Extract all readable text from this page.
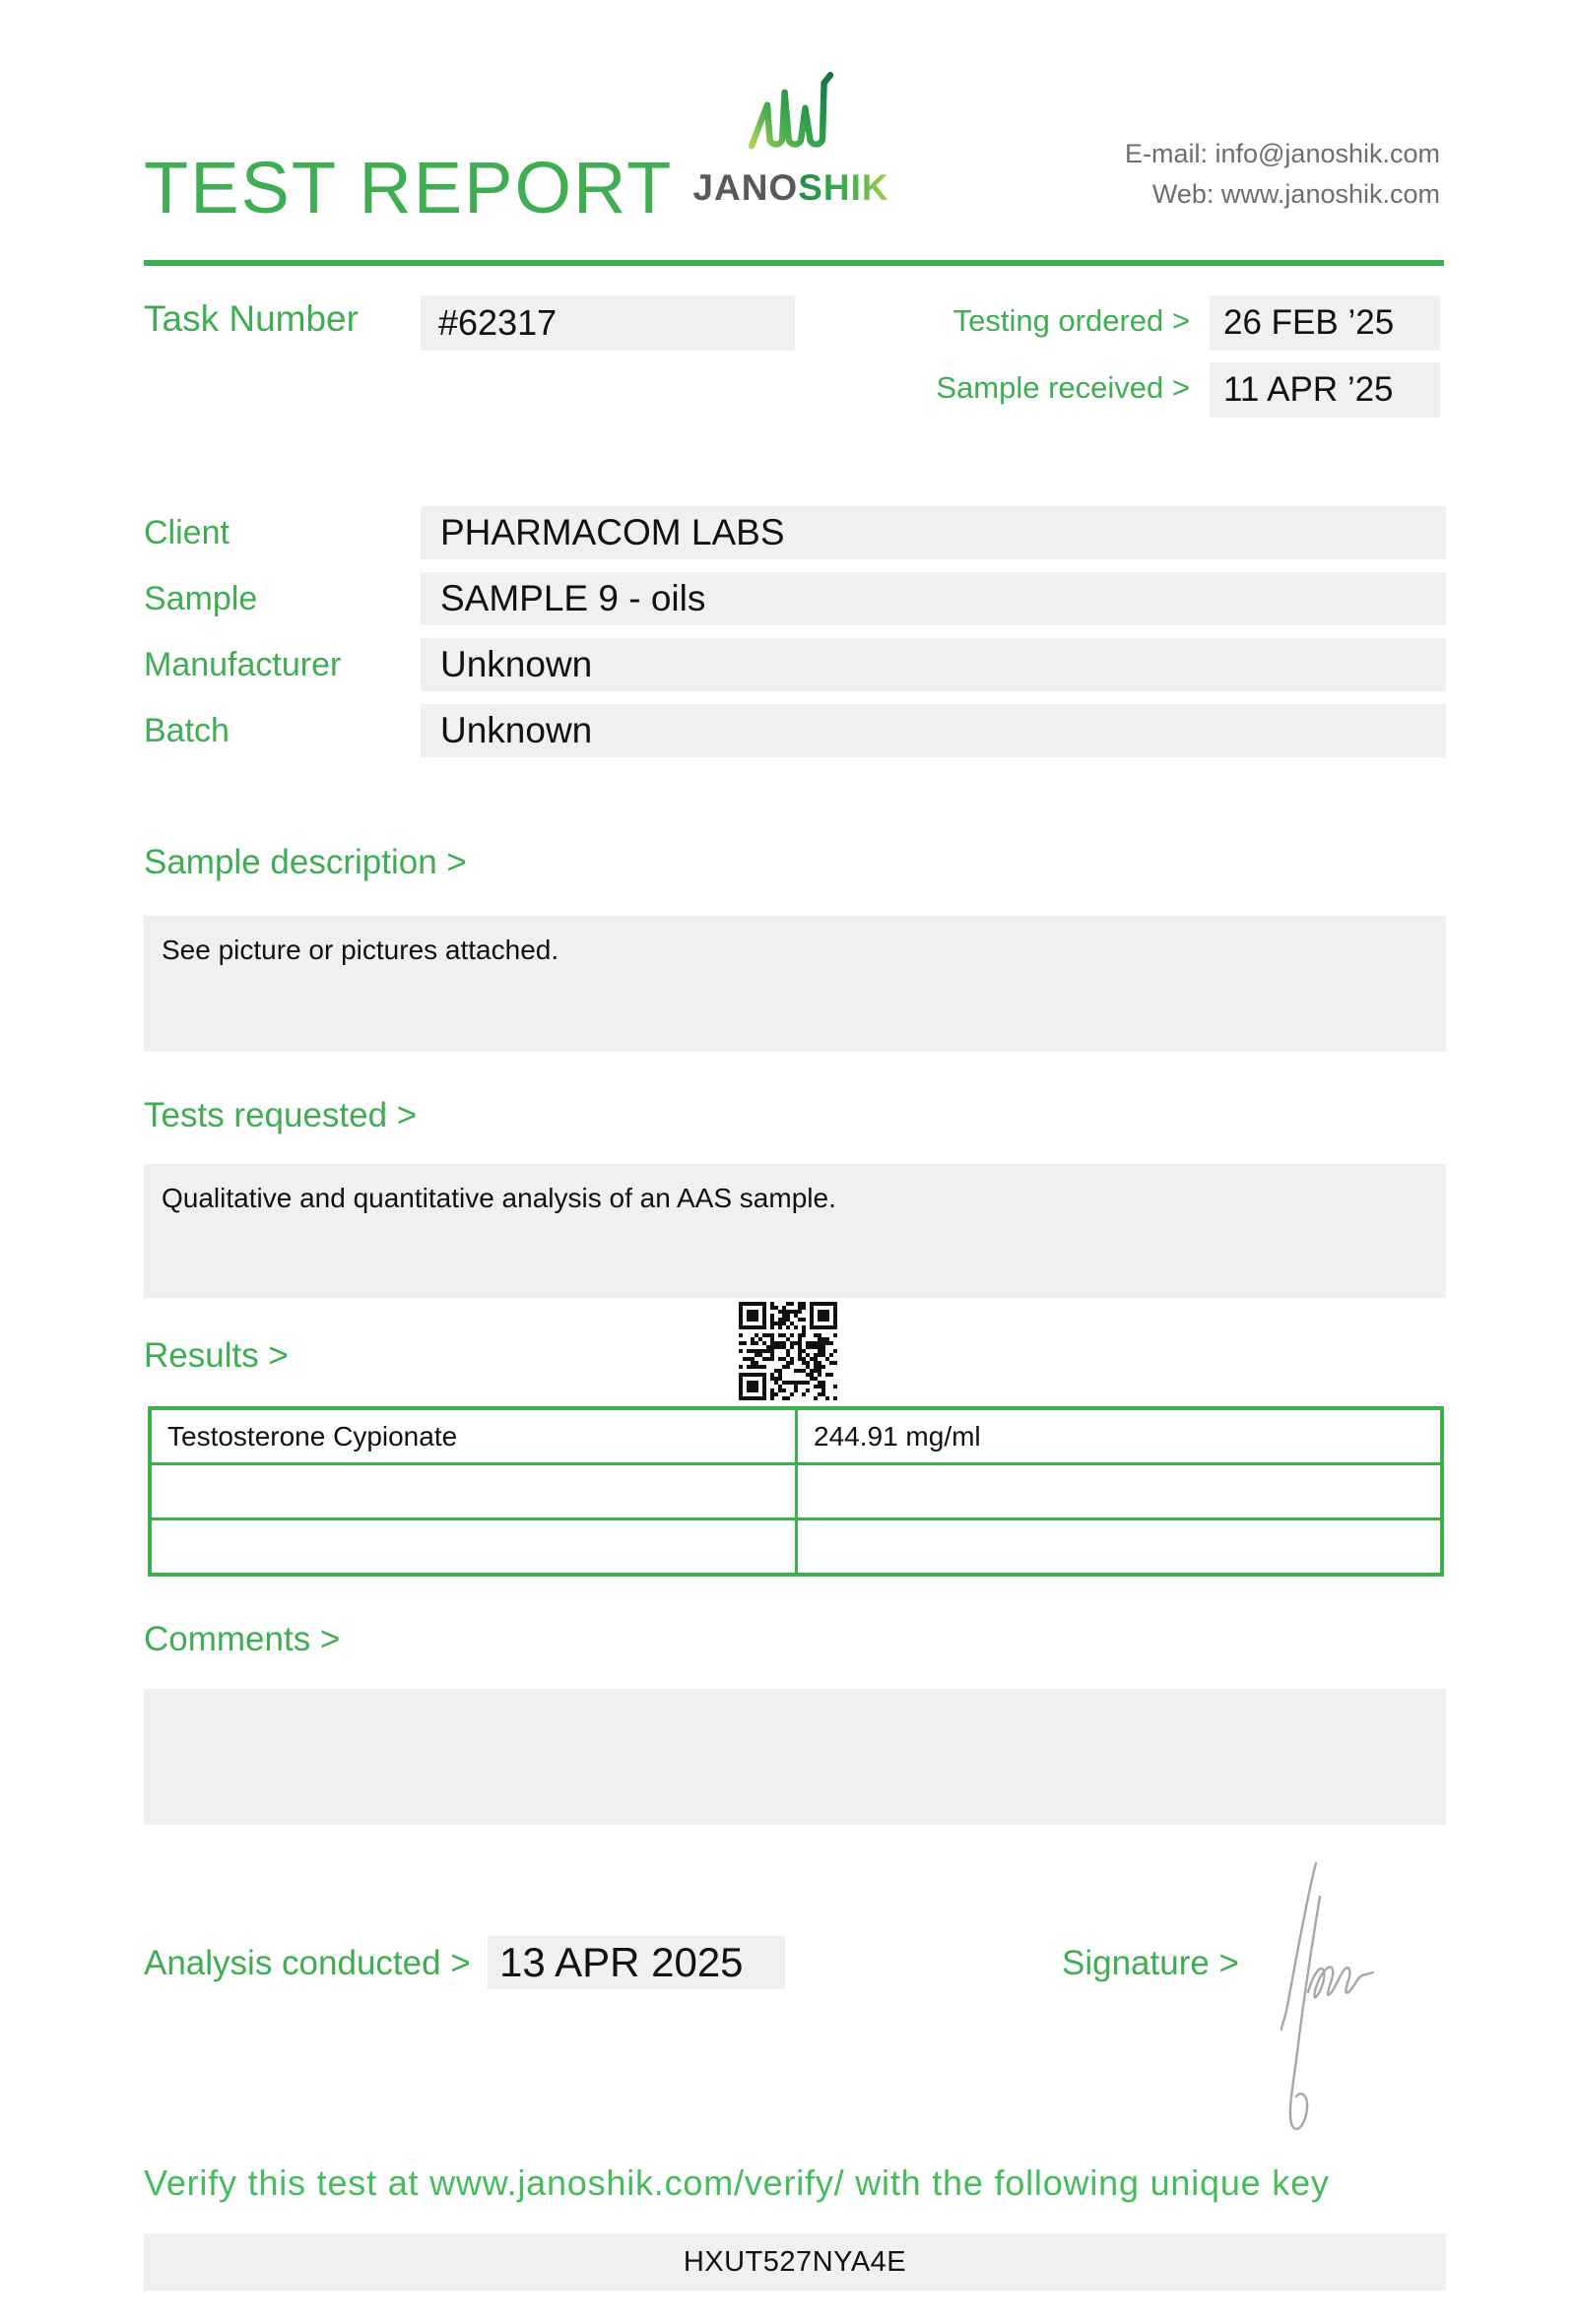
TEST REPORT JANOSHIK
E-mail: info@janoshik.com
Web: www.janoshik.com
Task Number	#62317	Testing ordered > 26 FEB ’25
Sample received > 11 APR ’25
Client	PHARMACOM LABS
Sample	SAMPLE 9 - oils
Manufacturer	Unknown
Batch	Unknown
Sample description >

See picture or pictures attached.

Tests requested >

Qualitative and quantitative analysis of an AAS sample.

Results >
Testosterone Cypionate	244.91 mg/ml
Comments >

Analysis conducted > 13 APR 2025	Signature >
Verify this test at www.janoshik.com/verify/ with the following unique key
HXUT527NYA4E
